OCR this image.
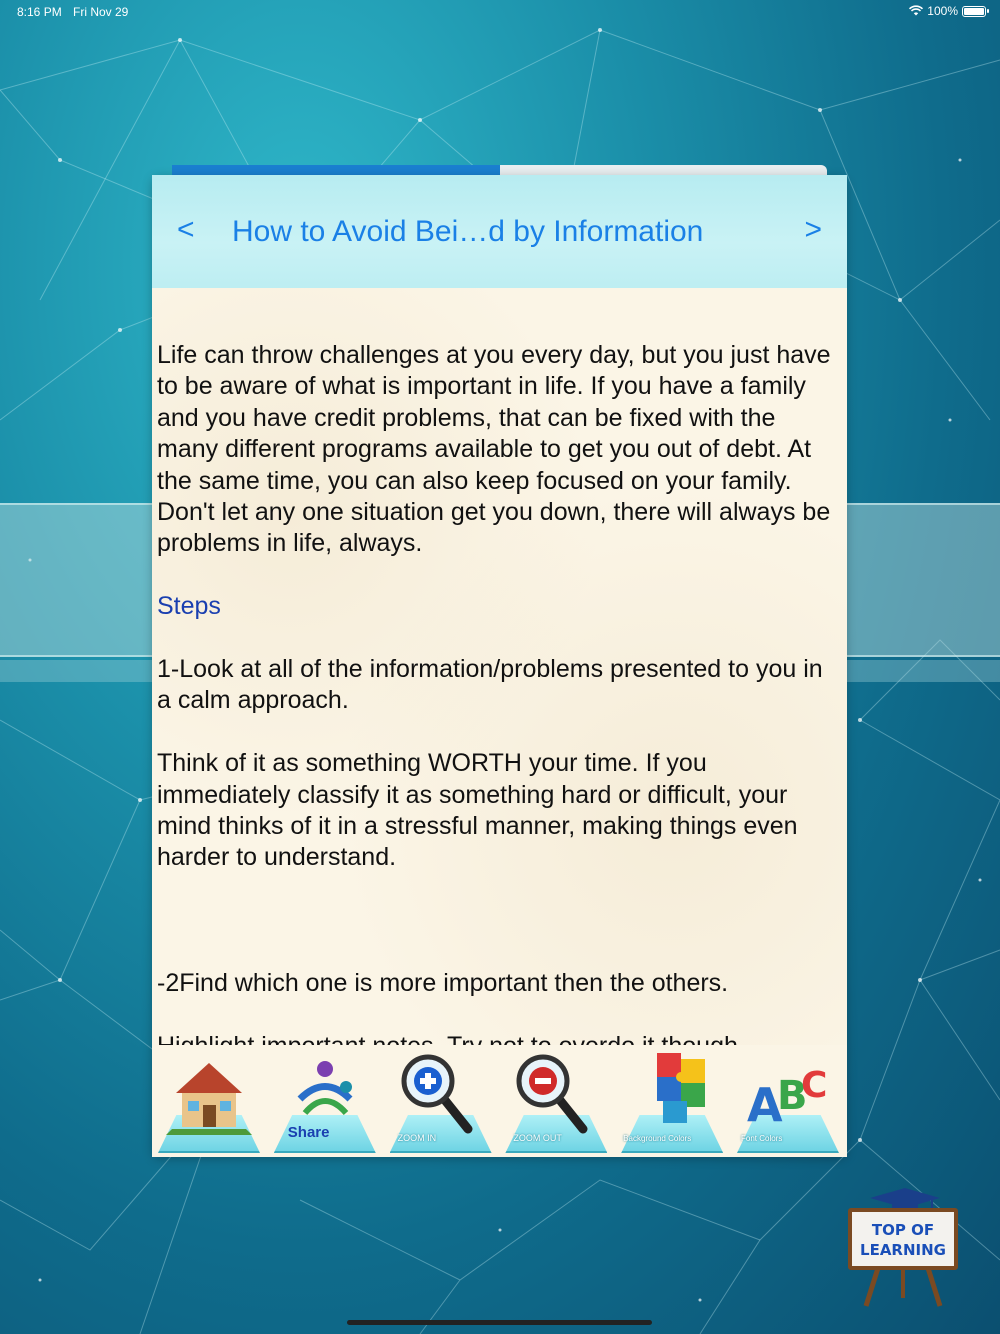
8:16 PM Fri Nov 29	100%
< How to Avoid Bei…d by Information	>

Life can throw challenges at you every day, but you just have to be aware of what is important in life. If you have a family and you have credit problems, that can be fixed with the many different programs available to get you out of debt. At the same time, you can also keep focused on your family. Don't let any one situation get you down, there will always be problems in life, always.

Steps

1-Look at all of the information/problems presented to you in a calm approach.

Think of it as something WORTH your time. If you immediately classify it as something hard or difficult, your mind thinks of it in a stressful manner, making things even harder to understand.

-2Find which one is more important then the others.

Share	ZOOM IN	ZOOM OUT	Background Colors
A
B
C
Font Colors
TOP OF
LEARNING
